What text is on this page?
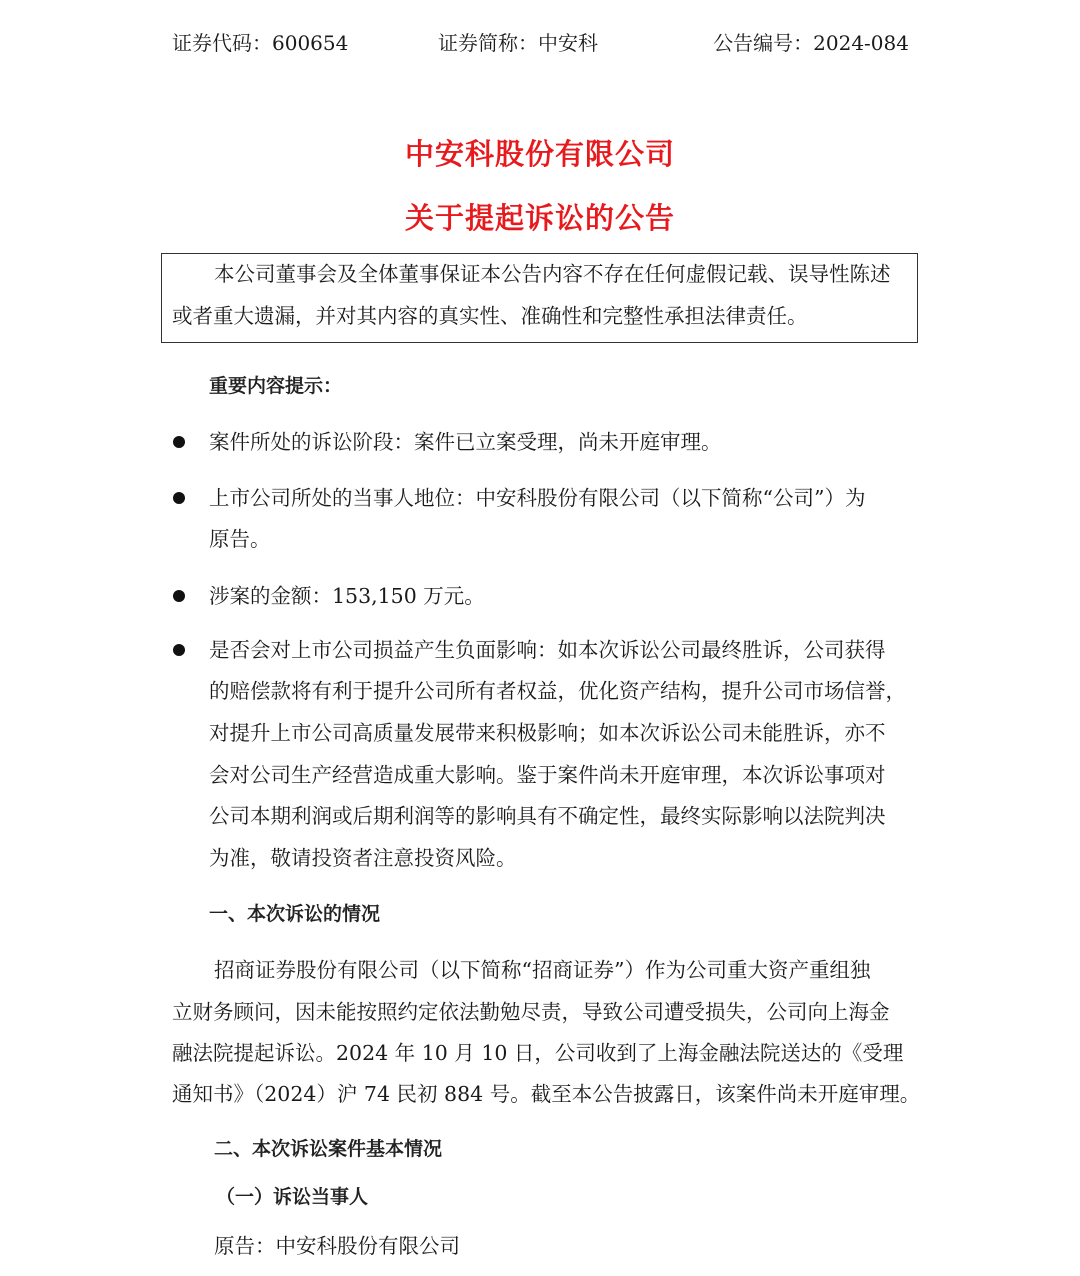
证券代码：600654	证券简称：中安科	公告编号：2024-084
中安科股份有限公司
关于提起诉讼的公告
本公司董事会及全体董事保证本公告内容不存在任何虚假记载、误导性陈述
或者重大遗漏，并对其内容的真实性、准确性和完整性承担法律责任。
重要内容提示：
案件所处的诉讼阶段：案件已立案受理，尚未开庭审理。
上市公司所处的当事人地位：中安科股份有限公司（以下简称“公司”）为
原告。
涉案的金额：153,150 万元。
是否会对上市公司损益产生负面影响：如本次诉讼公司最终胜诉，公司获得
的赔偿款将有利于提升公司所有者权益，优化资产结构，提升公司市场信誉，
对提升上市公司高质量发展带来积极影响；如本次诉讼公司未能胜诉，亦不
会对公司生产经营造成重大影响。鉴于案件尚未开庭审理，本次诉讼事项对
公司本期利润或后期利润等的影响具有不确定性，最终实际影响以法院判决
为准，敬请投资者注意投资风险。
一、本次诉讼的情况
招商证券股份有限公司（以下简称“招商证券”）作为公司重大资产重组独
立财务顾问，因未能按照约定依法勤勉尽责，导致公司遭受损失，公司向上海金
融法院提起诉讼。2024 年 10 月 10 日，公司收到了上海金融法院送达的《受理
通知书》（2024）沪 74 民初 884 号。截至本公告披露日，该案件尚未开庭审理。
二、本次诉讼案件基本情况
（一）诉讼当事人
原告：中安科股份有限公司
